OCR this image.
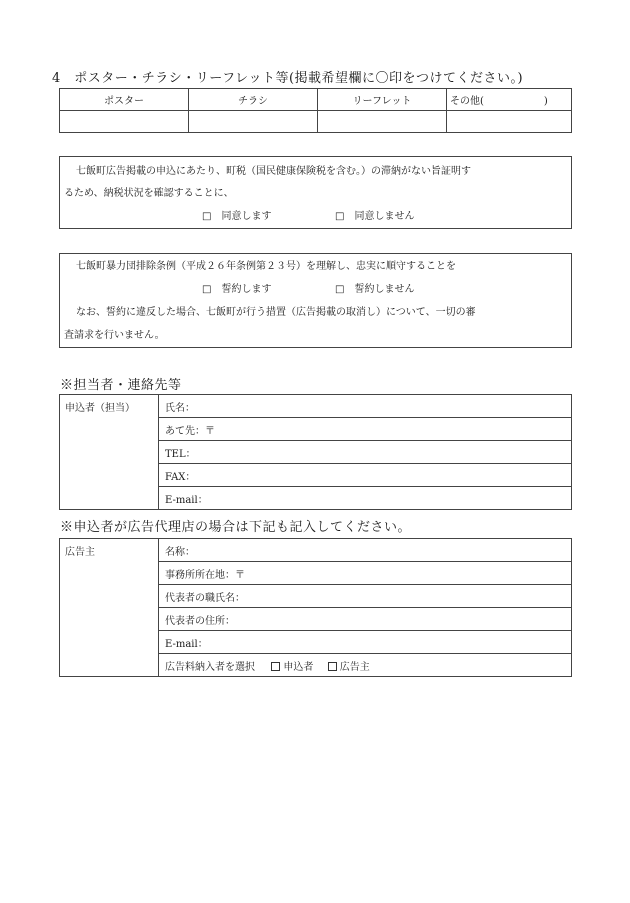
4　ポスター・チラシ・リーフレット等(掲載希望欄に〇印をつけてください。)
ポスター	チラシ	リーフレット	その他(　　　　　　)

七飯町広告掲載の申込にあたり、町税（国民健康保険税を含む。）の滞納がない旨証明す
るため、納税状況を確認することに、
□　同意します	□　同意しません
七飯町暴力団排除条例（平成２６年条例第２３号）を理解し、忠実に順守することを
□　誓約します	□　誓約しません
なお、誓約に違反した場合、七飯町が行う措置（広告掲載の取消し）について、一切の審
査請求を行いません。
※担当者・連絡先等
申込者（担当）	氏名：
あて先：〒
TEL：
FAX：
E-mail：
※申込者が広告代理店の場合は下記も記入してください。
広告主	名称：
事務所所在地：〒
代表者の職氏名：
代表者の住所：
E-mail：
広告料納入者を選択	申込者	広告主
